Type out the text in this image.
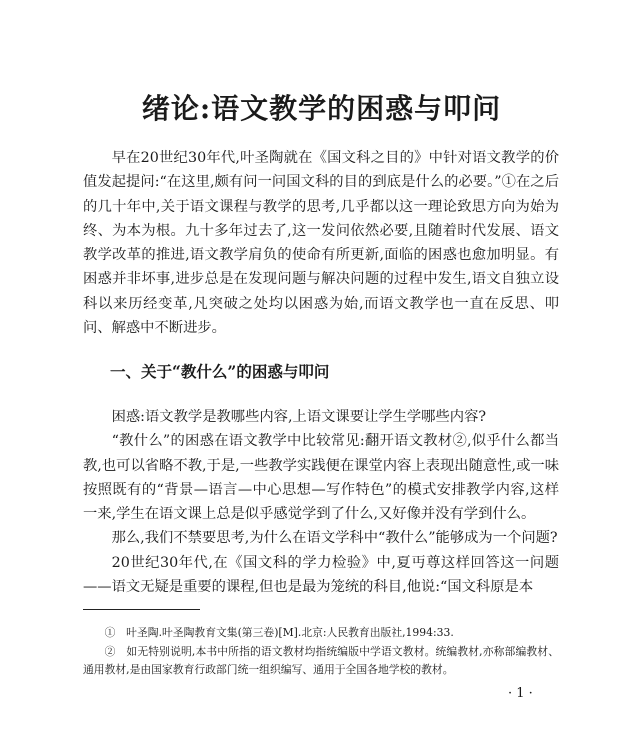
绪论:语文教学的困惑与叩问

早在20世纪30年代,叶圣陶就在《国文科之目的》中针对语文教学的价值发起提问:“在这里,颇有问一问国文科的目的到底是什么的必要。”①在之后的几十年中,关于语文课程与教学的思考,几乎都以这一理论致思方向为始为终、为本为根。九十多年过去了,这一发问依然必要,且随着时代发展、语文教学改革的推进,语文教学肩负的使命有所更新,面临的困惑也愈加明显。有困惑并非坏事,进步总是在发现问题与解决问题的过程中发生,语文自独立设科以来历经变革,凡突破之处均以困惑为始,而语文教学也一直在反思、叩问、解惑中不断进步。

一、关于“教什么”的困惑与叩问

困惑:语文教学是教哪些内容,上语文课要让学生学哪些内容?

“教什么”的困惑在语文教学中比较常见:翻开语文教材②,似乎什么都当教,也可以省略不教,于是,一些教学实践便在课堂内容上表现出随意性,或一味按照既有的“背景—语言—中心思想—写作特色”的模式安排教学内容,这样一来,学生在语文课上总是似乎感觉学到了什么,又好像并没有学到什么。

那么,我们不禁要思考,为什么在语文学科中“教什么”能够成为一个问题?

20世纪30年代,在《国文科的学力检验》中,夏丏尊这样回答这一问题——语文无疑是重要的课程,但也是最为笼统的科目,他说:“国文科原是本

①　叶圣陶.叶圣陶教育文集(第三卷)[M].北京:人民教育出版社,1994:33.

②　如无特别说明,本书中所指的语文教材均指统编版中学语文教材。统编教材,亦称部编教材、通用教材,是由国家教育行政部门统一组织编写、通用于全国各地学校的教材。

· 1 ·
